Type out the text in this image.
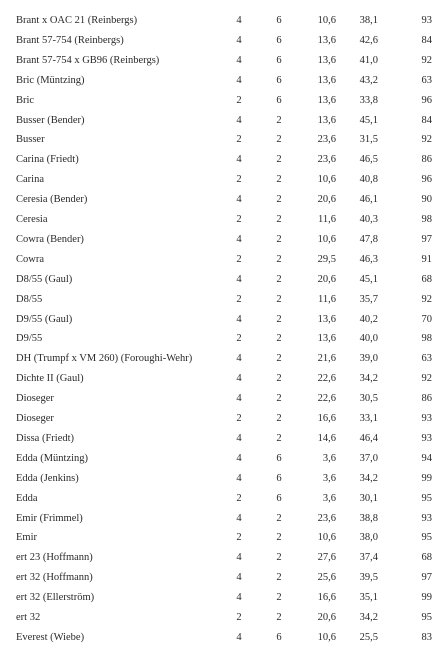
Brant x OAC 21 (Reinbergs)	4	6	10,6	38,1	93
Brant 57-754 (Reinbergs)	4	6	13,6	42,6	84
Brant 57-754 x GB96 (Reinbergs)	4	6	13,6	41,0	92
Bric (Müntzing)	4	6	13,6	43,2	63
Bric	2	6	13,6	33,8	96
Busser (Bender)	4	2	13,6	45,1	84
Busser	2	2	23,6	31,5	92
Carina (Friedt)	4	2	23,6	46,5	86
Carina	2	2	10,6	40,8	96
Ceresia (Bender)	4	2	20,6	46,1	90
Ceresia	2	2	11,6	40,3	98
Cowra (Bender)	4	2	10,6	47,8	97
Cowra	2	2	29,5	46,3	91
D8/55 (Gaul)	4	2	20,6	45,1	68
D8/55	2	2	11,6	35,7	92
D9/55 (Gaul)	4	2	13,6	40,2	70
D9/55	2	2	13,6	40,0	98
DH (Trumpf x VM 260) (Foroughi-Wehr)	4	2	21,6	39,0	63
Dichte II (Gaul)	4	2	22,6	34,2	92
Dioseger	4	2	22,6	30,5	86
Dioseger	2	2	16,6	33,1	93
Dissa (Friedt)	4	2	14,6	46,4	93
Edda (Müntzing)	4	6	3,6	37,0	94
Edda (Jenkins)	4	6	3,6	34,2	99
Edda	2	6	3,6	30,1	95
Emir (Frimmel)	4	2	23,6	38,8	93
Emir	2	2	10,6	38,0	95
ert 23 (Hoffmann)	4	2	27,6	37,4	68
ert 32 (Hoffmann)	4	2	25,6	39,5	97
ert 32 (Ellerström)	4	2	16,6	35,1	99
ert 32	2	2	20,6	34,2	95
Everest (Wiebe)	4	6	10,6	25,5	83
